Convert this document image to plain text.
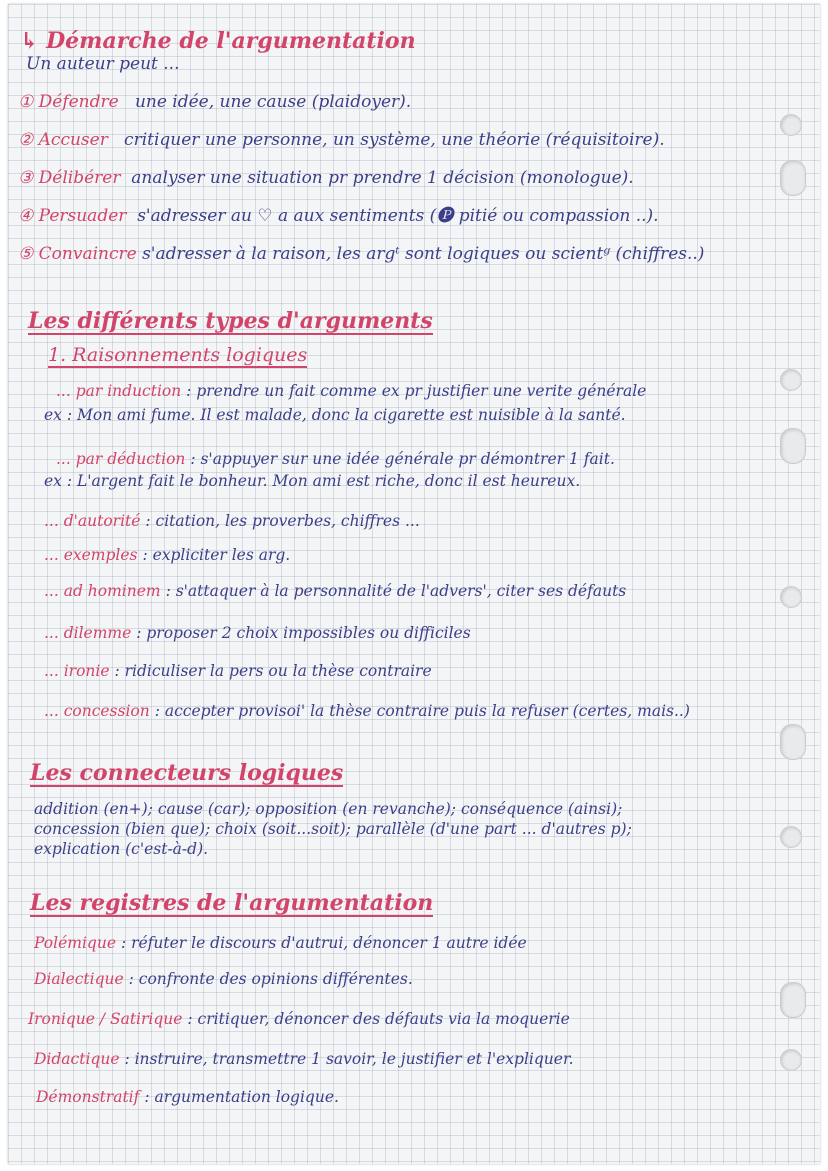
↳ Démarche de l'argumentation
Un auteur peut ...
① Défendre une idée, une cause (plaidoyer).
② Accuser critiquer une personne, un système, une théorie (réquisitoire).
③ Délibérer analyser une situation pr prendre 1 décision (monologue).
④ Persuader s'adresser au ♡ a aux sentiments (🅟 pitié ou compassion ..).
⑤ Convaincre s'adresser à la raison, les argᵗ sont logiques ou scientᵍ (chiffres..)
Les différents types d'arguments
1. Raisonnements logiques
... par induction : prendre un fait comme ex pr justifier une verite générale
ex : Mon ami fume. Il est malade, donc la cigarette est nuisible à la santé.
... par déduction : s'appuyer sur une idée générale pr démontrer 1 fait.
ex : L'argent fait le bonheur. Mon ami est riche, donc il est heureux.
... d'autorité : citation, les proverbes, chiffres ...
... exemples : expliciter les arg.
... ad hominem : s'attaquer à la personnalité de l'advers', citer ses défauts
... dilemme : proposer 2 choix impossibles ou difficiles
... ironie : ridiculiser la pers ou la thèse contraire
... concession : accepter provisoi' la thèse contraire puis la refuser (certes, mais..)
Les connecteurs logiques
addition (en+); cause (car); opposition (en revanche); conséquence (ainsi);
concession (bien que); choix (soit...soit); parallèle (d'une part ... d'autres p);
explication (c'est-à-d).
Les registres de l'argumentation
Polémique : réfuter le discours d'autrui, dénoncer 1 autre idée
Dialectique : confronte des opinions différentes.
Ironique / Satirique : critiquer, dénoncer des défauts via la moquerie
Didactique : instruire, transmettre 1 savoir, le justifier et l'expliquer.
Démonstratif : argumentation logique.
